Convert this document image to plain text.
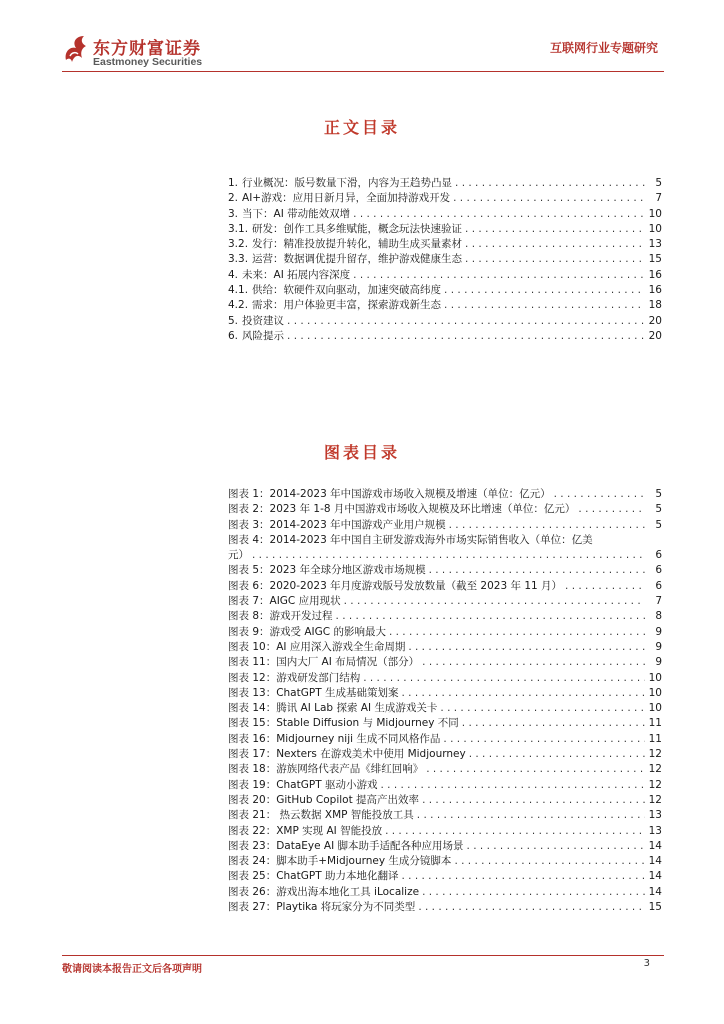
东方财富证券
Eastmoney Securities
互联网行业专题研究
正文目录
1. 行业概况：版号数量下滑，内容为王趋势凸显 . . .	5
2. AI+游戏：应用日新月异，全面加持游戏开发 . . .	7
3. 当下：AI 带动能效双增 . . .	10
3.1. 研发：创作工具多维赋能，概念玩法快速验证 . . .	10
3.2. 发行：精准投放提升转化，辅助生成买量素材 . . .	13
3.3. 运营：数据调优提升留存，维护游戏健康生态 . . .	15
4. 未来：AI 拓展内容深度 . . .	16
4.1. 供给：软硬件双向驱动，加速突破高纬度 . . .	16
4.2. 需求：用户体验更丰富，探索游戏新生态 . . .	18
5. 投资建议 . . .	20
6. 风险提示 . . .	20
图表目录
图表 1：2014-2023 年中国游戏市场收入规模及增速（单位：亿元） . . .	5
图表 2：2023 年 1-8 月中国游戏市场收入规模及环比增速（单位：亿元） . . .	5
图表 3：2014-2023 年中国游戏产业用户规模 . . .	5
图表 4：2014-2023 年中国自主研发游戏海外市场实际销售收入（单位：亿美
元） . . .	6
图表 5：2023 年全球分地区游戏市场规模 . . .	6
图表 6：2020-2023 年月度游戏版号发放数量（截至 2023 年 11 月） . . .	6
图表 7：AIGC 应用现状 . . .	7
图表 8：游戏开发过程 . . .	8
图表 9：游戏受 AIGC 的影响最大 . . .	9
图表 10：AI 应用深入游戏全生命周期 . . .	9
图表 11：国内大厂 AI 布局情况（部分） . . .	9
图表 12：游戏研发部门结构 . . .	10
图表 13：ChatGPT 生成基础策划案 . . .	10
图表 14：腾讯 AI Lab 探索 AI 生成游戏关卡 . . .	10
图表 15：Stable Diffusion 与 Midjourney 不同 . . .	11
图表 16：Midjourney niji 生成不同风格作品 . . .	11
图表 17：Nexters 在游戏美术中使用 Midjourney . . .	12
图表 18：游族网络代表产品《绯红回响》 . . .	12
图表 19：ChatGPT 驱动小游戏 . . .	12
图表 20：GitHub Copilot 提高产出效率 . . .	12
图表 21： 热云数据 XMP 智能投放工具 . . .	13
图表 22：XMP 实现 AI 智能投放 . . .	13
图表 23：DataEye AI 脚本助手适配各种应用场景 . . .	14
图表 24：脚本助手+Midjourney 生成分镜脚本 . . .	14
图表 25：ChatGPT 助力本地化翻译 . . .	14
图表 26：游戏出海本地化工具 iLocalize . . .	14
图表 27：Playtika 将玩家分为不同类型 . . .	15
敬请阅读本报告正文后各项声明
3
